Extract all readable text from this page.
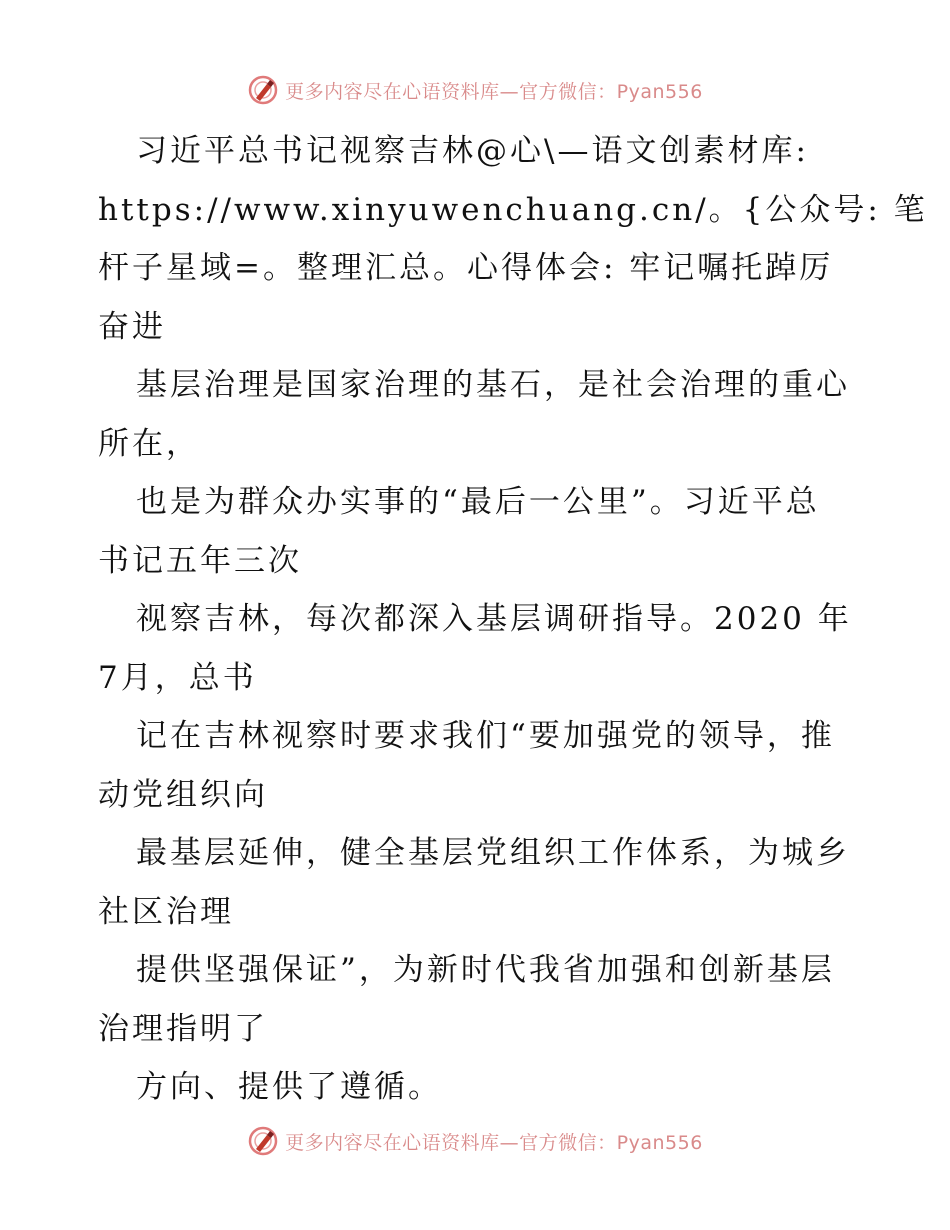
更多内容尽在心语资料库—官方微信：Pyan556
习近平总书记视察吉林@心\—语文创素材库:
https://www.xinyuwenchuang.cn/。{公众号: 笔
杆子星域=。整理汇总。心得体会: 牢记嘱托踔厉
奋进
基层治理是国家治理的基石，是社会治理的重心
所在，
也是为群众办实事的“最后一公里”。习近平总
书记五年三次
视察吉林，每次都深入基层调研指导。2020 年
7月，总书
记在吉林视察时要求我们“要加强党的领导，推
动党组织向
最基层延伸，健全基层党组织工作体系，为城乡
社区治理
提供坚强保证”，为新时代我省加强和创新基层
治理指明了
方向、提供了遵循。
更多内容尽在心语资料库—官方微信：Pyan556
